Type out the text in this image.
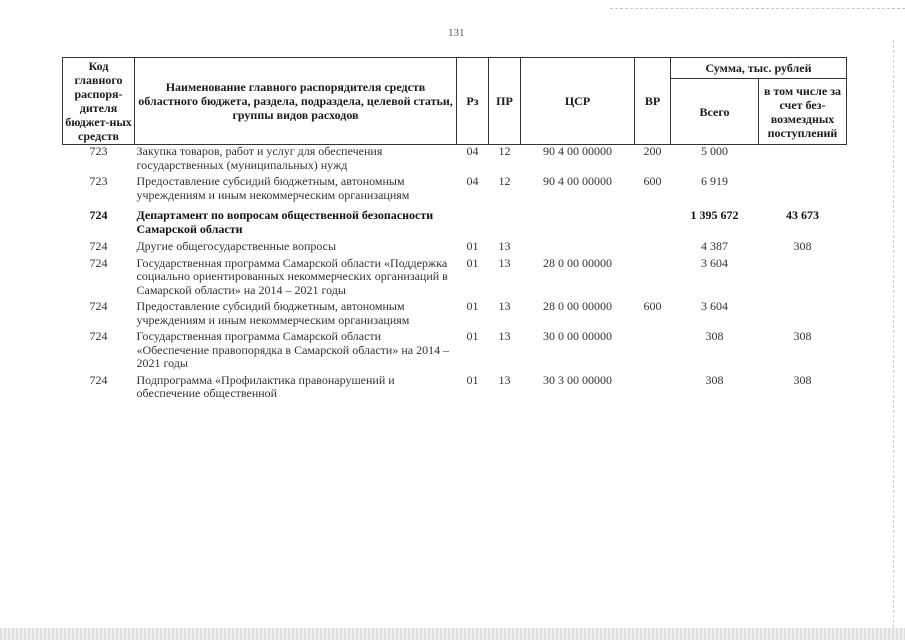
131
Код главного распоря-дителя бюджет-ных средств	Наименование главного распорядителя средств областного бюджета, раздела, подраздела, целевой статьи, группы видов расходов	Рз	ПР	ЦСР	ВР	Сумма, тыс. рублей	
						Всего	в том числе за счет без-возмездных поступлений
723	Закупка товаров, работ и услуг для обеспечения государственных (муниципальных) нужд	04	12	90 4 00 00000	200	5 000	
723	Предоставление субсидий бюджетным, автономным учреждениям и иным некоммерческим организациям	04	12	90 4 00 00000	600	6 919	
724	Департамент по вопросам общественной безопасности Самарской области					1 395 672	43 673
724	Другие общегосударственные вопросы	01	13			4 387	308
724	Государственная программа Самарской области «Поддержка социально ориентированных некоммерческих организаций в Самарской области» на 2014 – 2021 годы	01	13	28 0 00 00000		3 604	
724	Предоставление субсидий бюджетным, автономным учреждениям и иным некоммерческим организациям	01	13	28 0 00 00000	600	3 604	
724	Государственная программа Самарской области «Обеспечение правопорядка в Самарской области» на 2014 – 2021 годы	01	13	30 0 00 00000		308	308
724	Подпрограмма «Профилактика правонарушений и обеспечение общественной	01	13	30 3 00 00000		308	308
